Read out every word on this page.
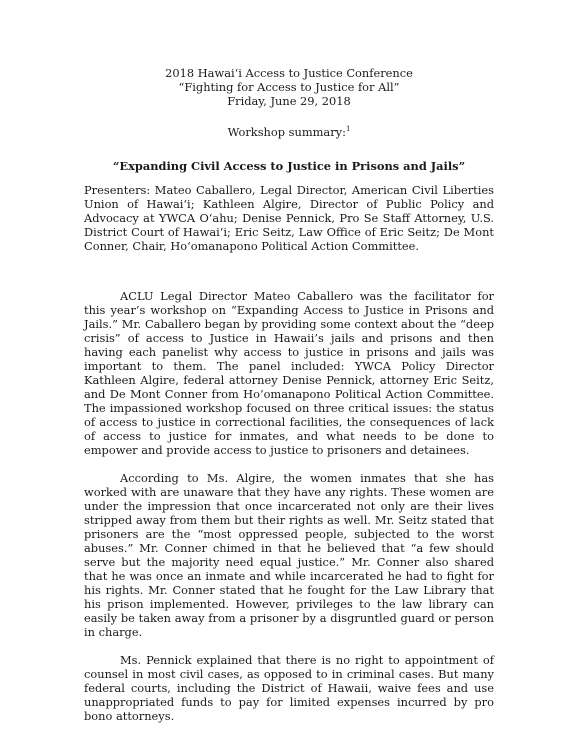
2018 Hawaiʻi Access to Justice Conference
“Fighting for Access to Justice for All”
Friday, June 29, 2018
Workshop summary:$^1$
“Expanding Civil Access to Justice in Prisons and Jails”

Presenters: Mateo Caballero, Legal Director, American Civil Liberties Union of Hawaiʻi; Kathleen Algire, Director of Public Policy and Advocacy at YWCA Oʻahu; Denise Pennick, Pro Se Staff Attorney, U.S. District Court of Hawaiʻi; Eric Seitz, Law Office of Eric Seitz; De Mont Conner, Chair, Hoʻomanapono Political Action Committee.

ACLU Legal Director Mateo Caballero was the facilitator for this year’s workshop on “Expanding Access to Justice in Prisons and Jails.” Mr. Caballero began by providing some context about the “deep crisis” of access to Justice in Hawaii’s jails and prisons and then having each panelist why access to justice in prisons and jails was important to them. The panel included: YWCA Policy Director Kathleen Algire, federal attorney Denise Pennick, attorney Eric Seitz, and De Mont Conner from Hoʻomanapono Political Action Committee. The impassioned workshop focused on three critical issues: the status of access to justice in correctional facilities, the consequences of lack of access to justice for inmates, and what needs to be done to empower and provide access to justice to prisoners and detainees.

According to Ms. Algire, the women inmates that she has worked with are unaware that they have any rights. These women are under the impression that once incarcerated not only are their lives stripped away from them but their rights as well. Mr. Seitz stated that prisoners are the “most oppressed people, subjected to the worst abuses.” Mr. Conner chimed in that he believed that “a few should serve but the majority need equal justice.” Mr. Conner also shared that he was once an inmate and while incarcerated he had to fight for his rights. Mr. Conner stated that he fought for the Law Library that his prison implemented. However, privileges to the law library can easily be taken away from a prisoner by a disgruntled guard or person in charge.

Ms. Pennick explained that there is no right to appointment of counsel in most civil cases, as opposed to in criminal cases. But many federal courts, including the District of Hawaii, waive fees and use unappropriated funds to pay for limited expenses incurred by pro bono attorneys.
